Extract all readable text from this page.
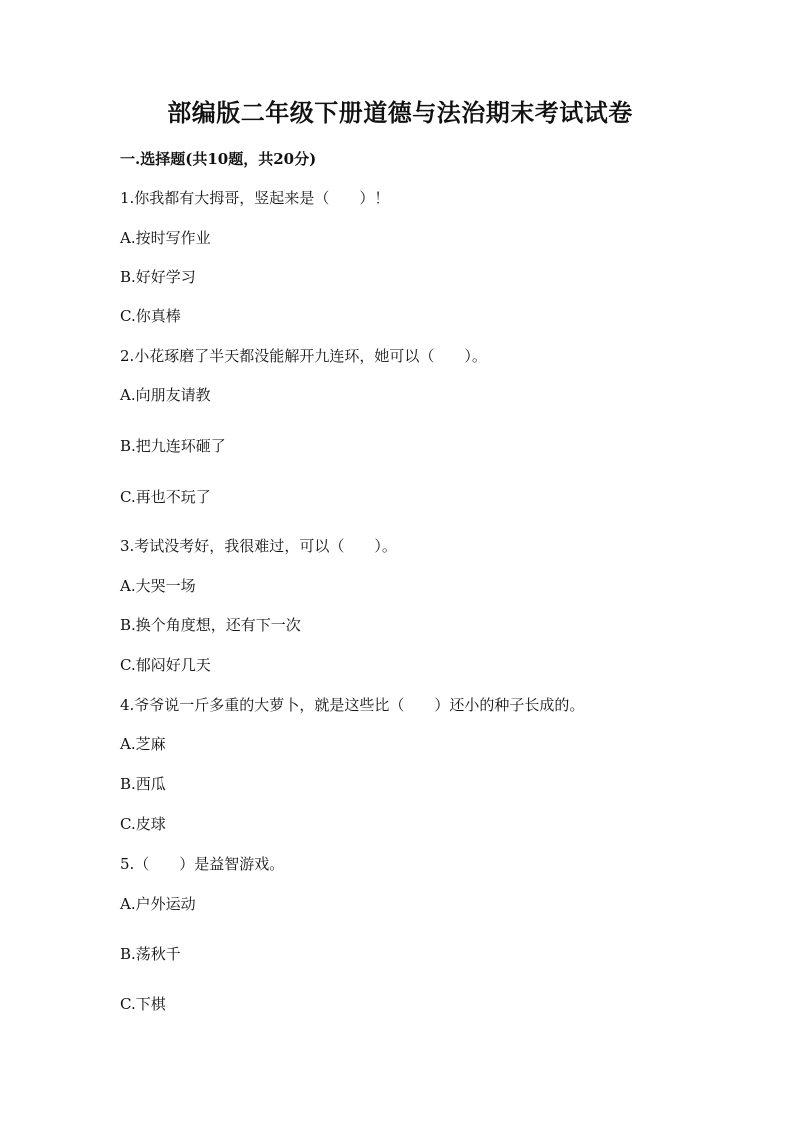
部编版二年级下册道德与法治期末考试试卷
一.选择题(共10题，共20分)
1.你我都有大拇哥，竖起来是（　　）！
A.按时写作业
B.好好学习
C.你真棒
2.小花琢磨了半天都没能解开九连环，她可以（　　）。
A.向朋友请教
B.把九连环砸了
C.再也不玩了
3.考试没考好，我很难过，可以（　　）。
A.大哭一场
B.换个角度想，还有下一次
C.郁闷好几天
4.爷爷说一斤多重的大萝卜，就是这些比（　　）还小的种子长成的。
A.芝麻
B.西瓜
C.皮球
5.（　　）是益智游戏。
A.户外运动
B.荡秋千
C.下棋
